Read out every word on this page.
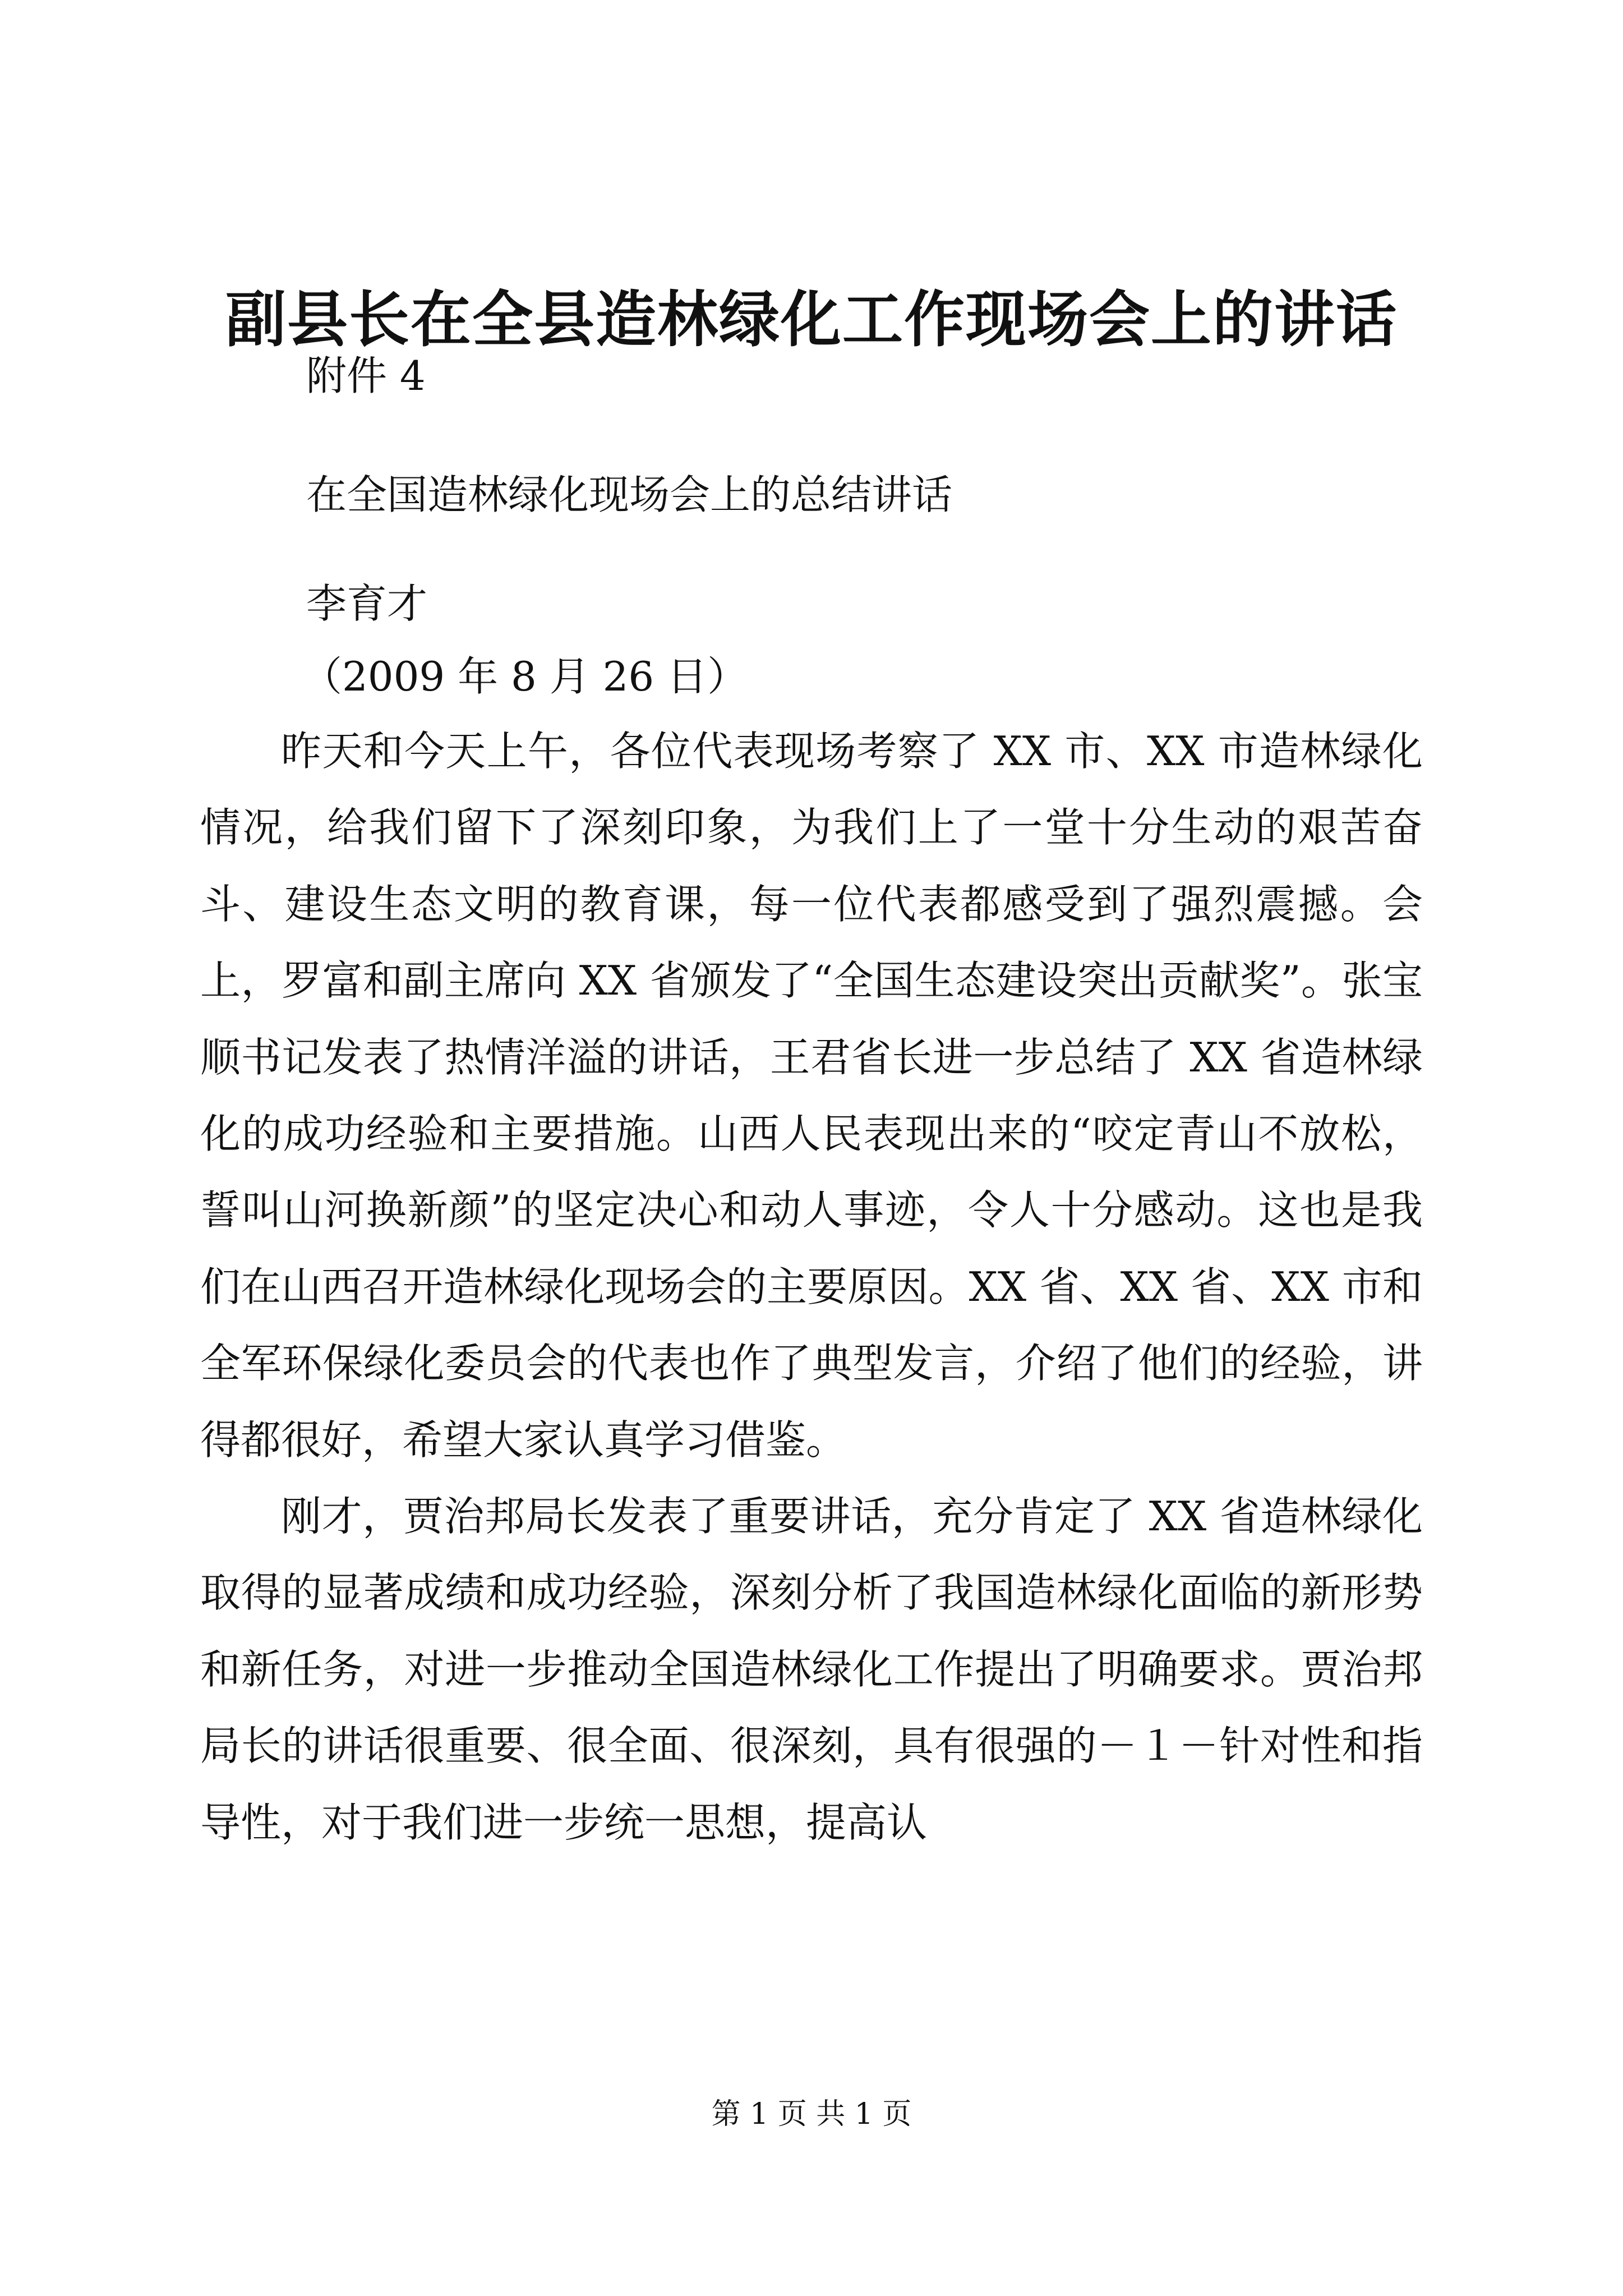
副县长在全县造林绿化工作现场会上的讲话
附件 4
在全国造林绿化现场会上的总结讲话
李育才
（2009 年 8 月 26 日）

昨天和今天上午，各位代表现场考察了 XX 市、XX 市造林绿化情况，给我们留下了深刻印象，为我们上了一堂十分生动的艰苦奋斗、建设生态文明的教育课，每一位代表都感受到了强烈震撼。会上，罗富和副主席向 XX 省颁发了“全国生态建设突出贡献奖”。张宝顺书记发表了热情洋溢的讲话，王君省长进一步总结了 XX 省造林绿化的成功经验和主要措施。山西人民表现出来的“咬定青山不放松，誓叫山河换新颜”的坚定决心和动人事迹，令人十分感动。这也是我们在山西召开造林绿化现场会的主要原因。XX 省、XX 省、XX 市和全军环保绿化委员会的代表也作了典型发言，介绍了他们的经验，讲得都很好，希望大家认真学习借鉴。

刚才，贾治邦局长发表了重要讲话，充分肯定了 XX 省造林绿化取得的显著成绩和成功经验，深刻分析了我国造林绿化面临的新形势和新任务，对进一步推动全国造林绿化工作提出了明确要求。贾治邦局长的讲话很重要、很全面、很深刻，具有很强的－１－针对性和指导性，对于我们进一步统一思想，提高认

第 1 页 共 1 页
